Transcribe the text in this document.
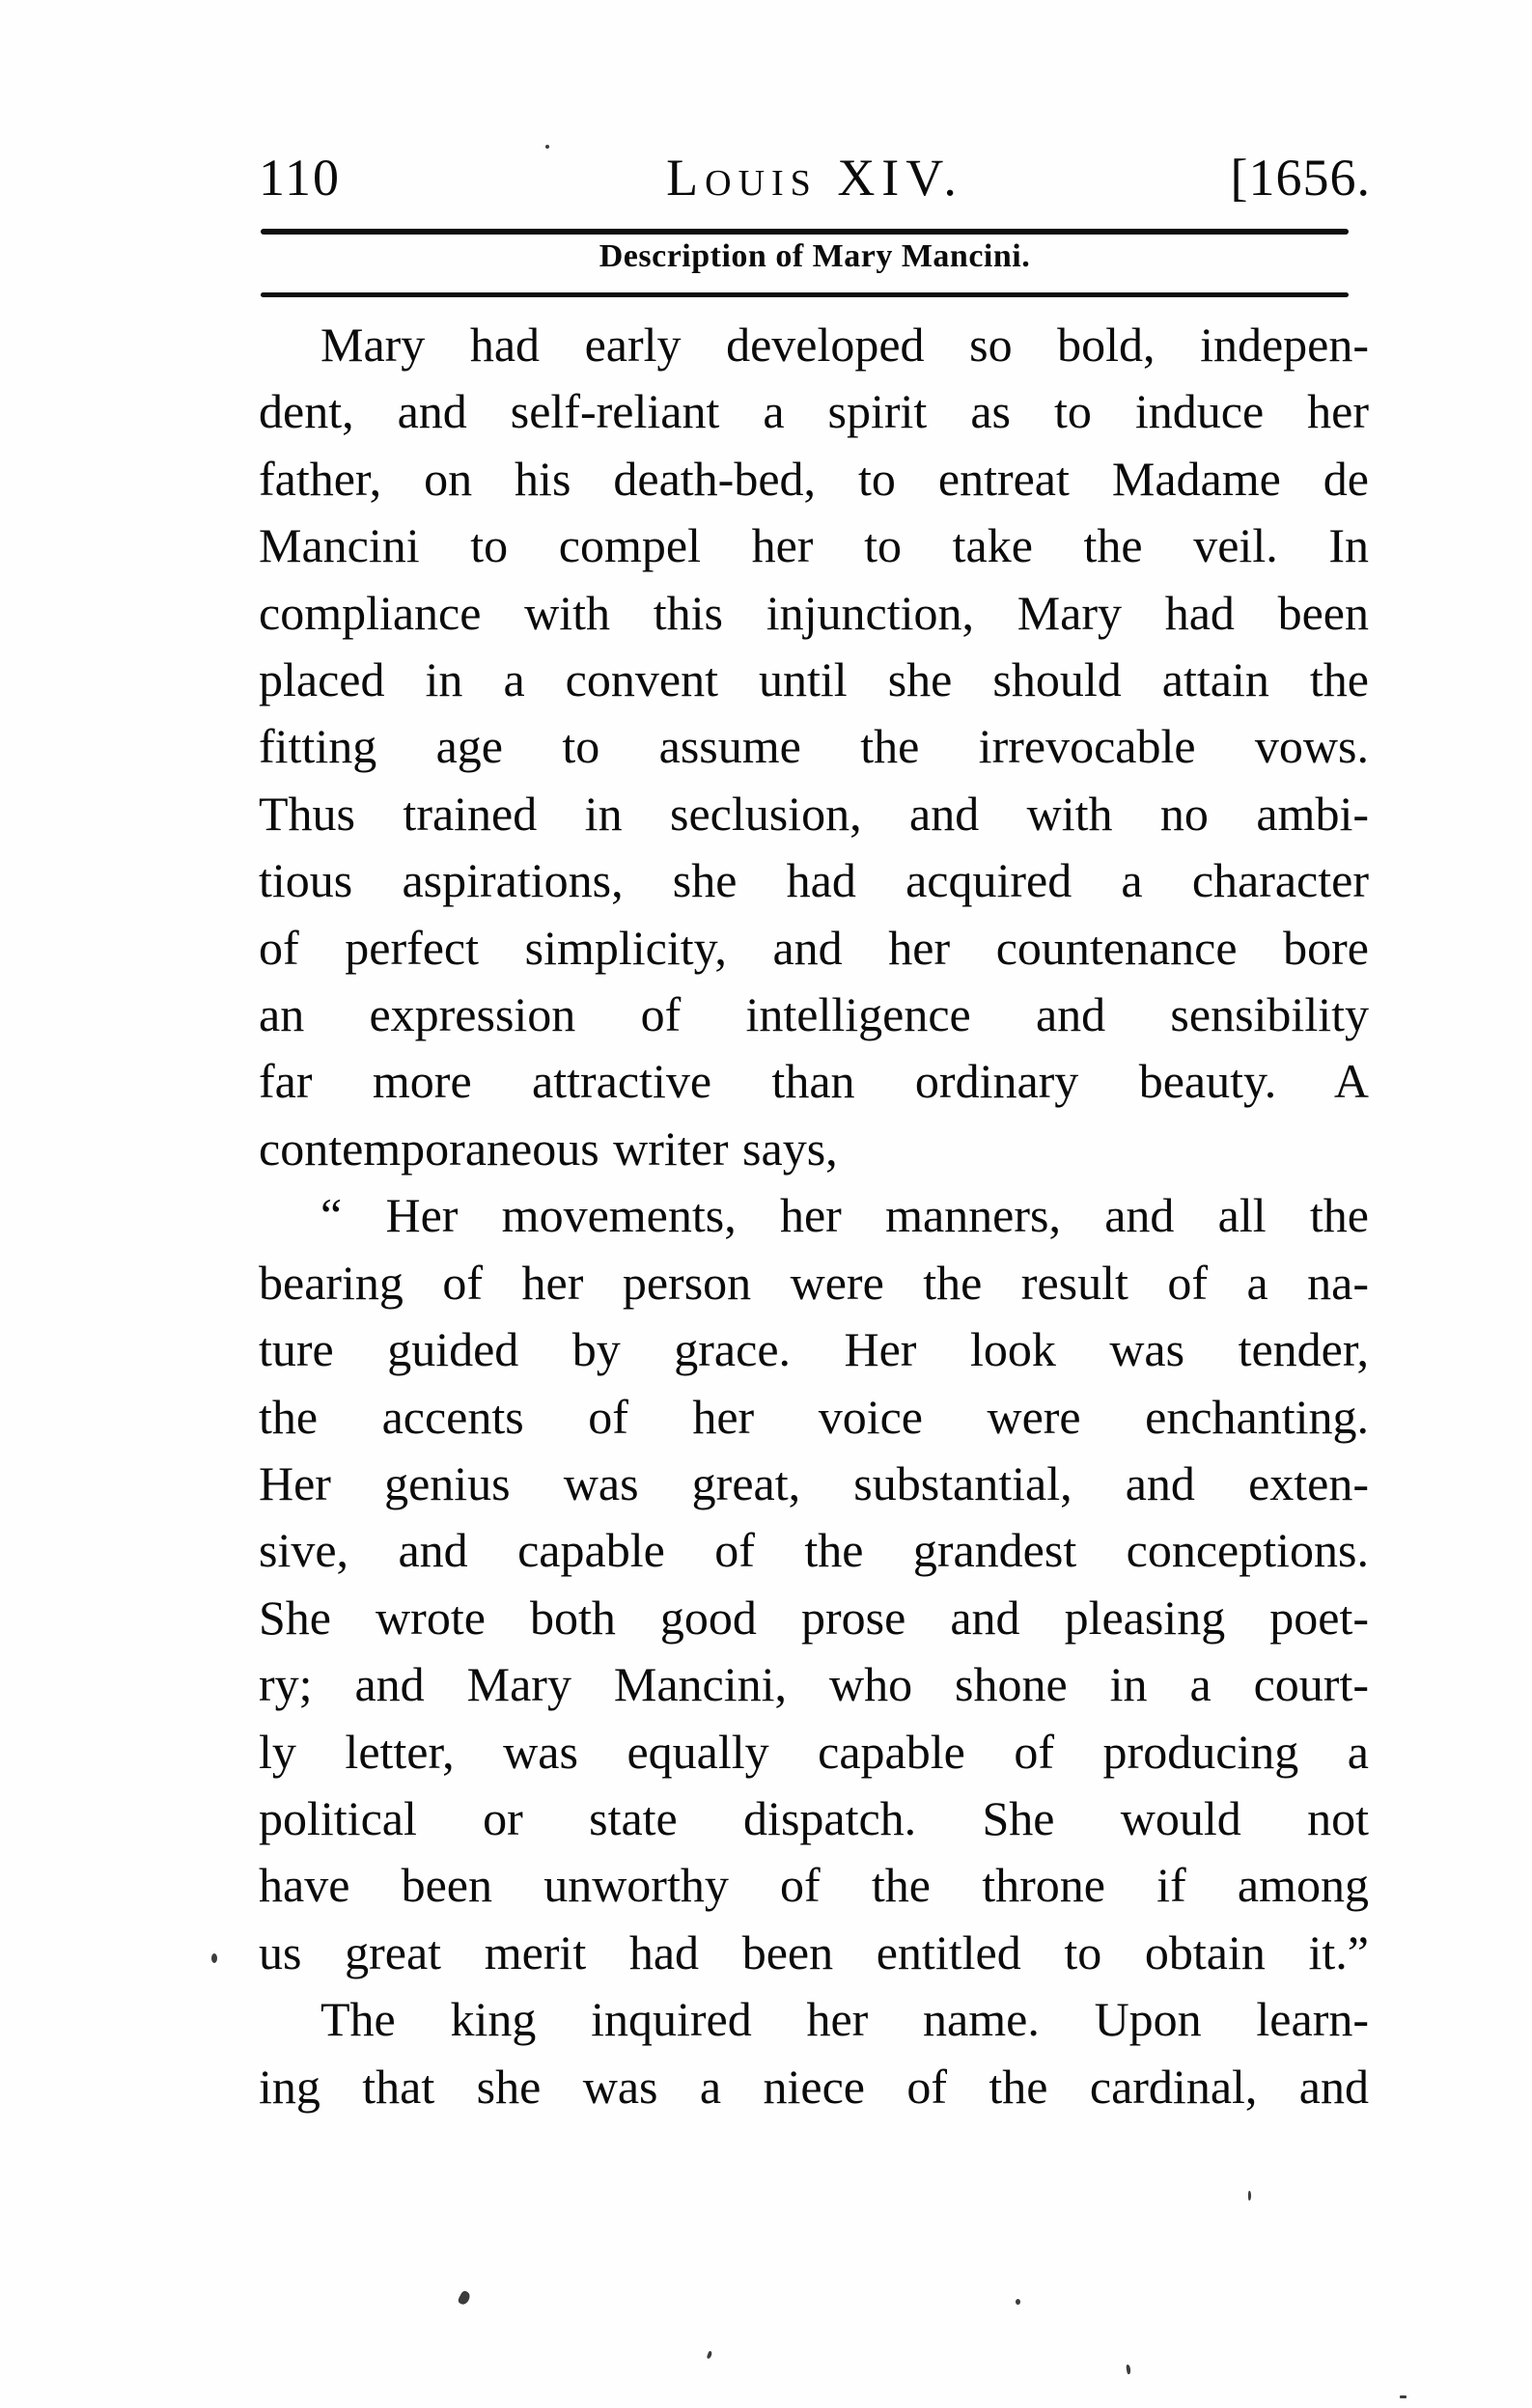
110	Louis XIV.	[1656.
Description of Mary Mancini.
Mary had early developed so bold, indepen-
dent, and self-reliant a spirit as to induce her
father, on his death-bed, to entreat Madame de
Mancini to compel her to take the veil. In
compliance with this injunction, Mary had been
placed in a convent until she should attain the
fitting age to assume the irrevocable vows.
Thus trained in seclusion, and with no ambi-
tious aspirations, she had acquired a character
of perfect simplicity, and her countenance bore
an expression of intelligence and sensibility
far more attractive than ordinary beauty. A
contemporaneous writer says,
“ Her movements, her manners, and all the
bearing of her person were the result of a na-
ture guided by grace. Her look was tender,
the accents of her voice were enchanting.
Her genius was great, substantial, and exten-
sive, and capable of the grandest conceptions.
She wrote both good prose and pleasing poet-
ry; and Mary Mancini, who shone in a court-
ly letter, was equally capable of producing a
political or state dispatch. She would not
have been unworthy of the throne if among
us great merit had been entitled to obtain it.”
The king inquired her name. Upon learn-
ing that she was a niece of the cardinal, and
